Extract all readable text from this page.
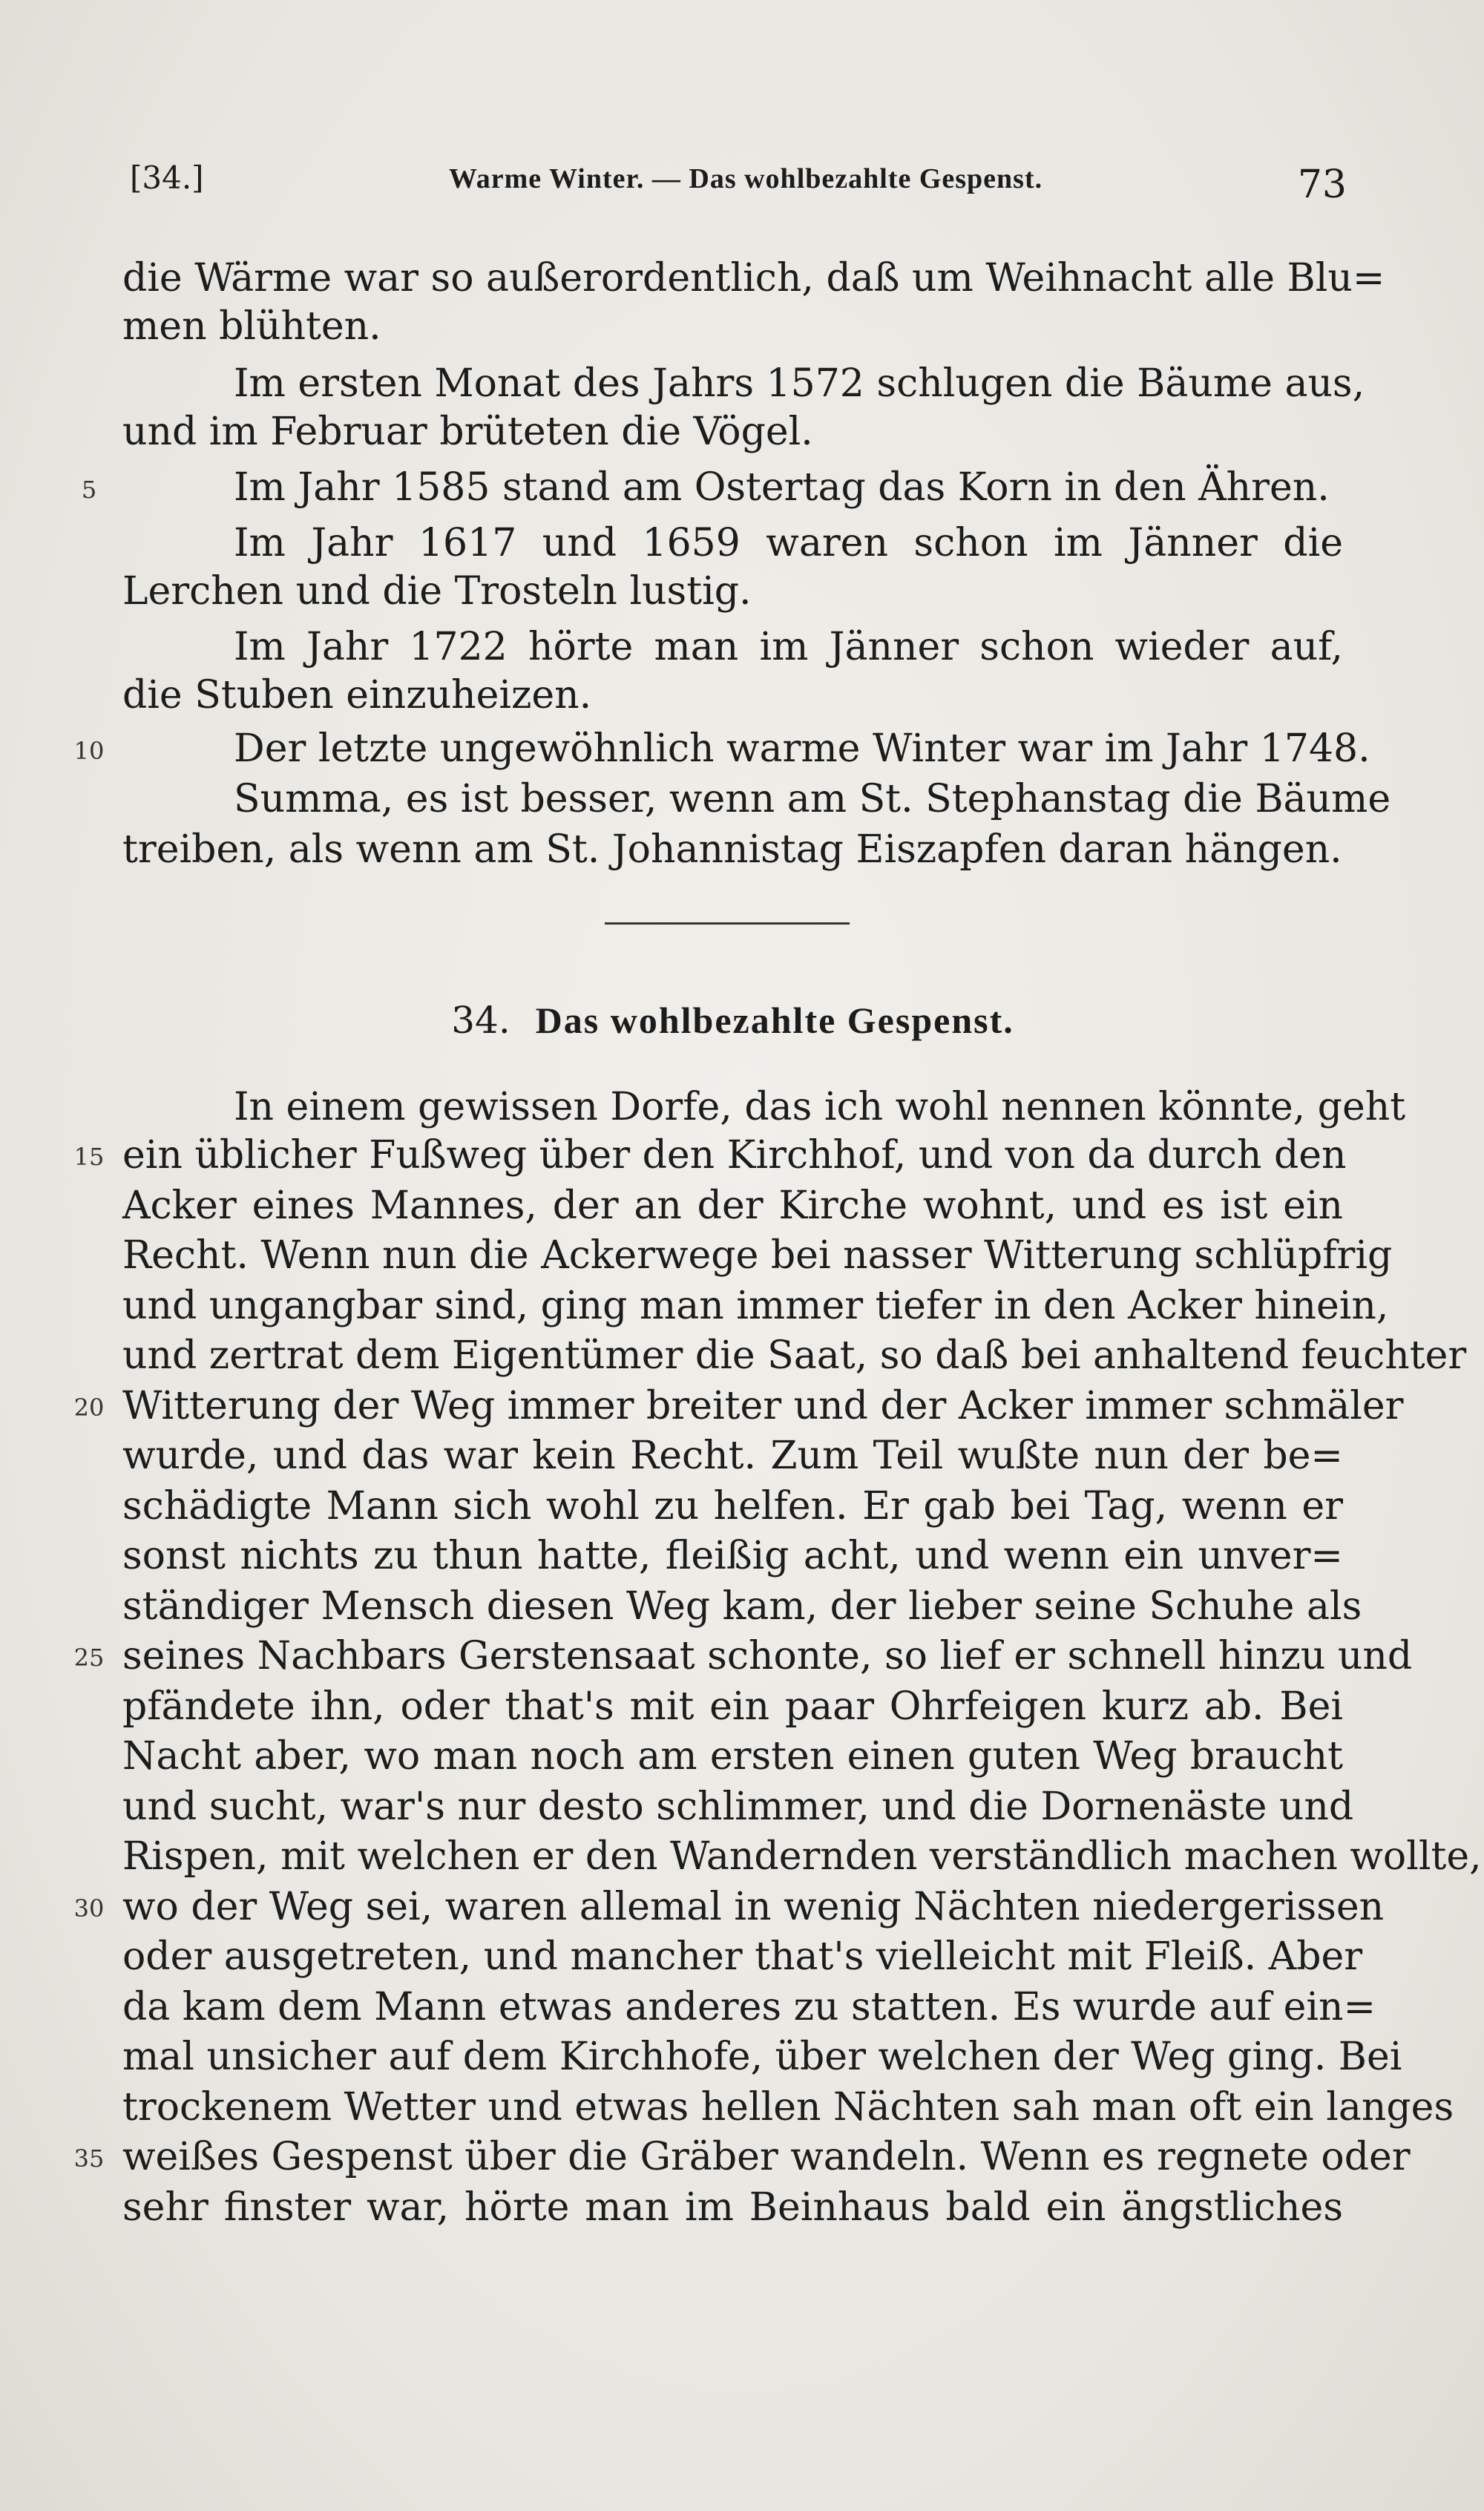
[34.]	Warme Winter. — Das wohlbezahlte Gespenst.	73
die Wärme war so außerordentlich, daß um Weihnacht alle Blu=
men blühten.
Im ersten Monat des Jahrs 1572 schlugen die Bäume aus,
und im Februar brüteten die Vögel.
5	Im Jahr 1585 stand am Ostertag das Korn in den Ähren.
Im Jahr 1617 und 1659 waren schon im Jänner die
Lerchen und die Trosteln lustig.
Im Jahr 1722 hörte man im Jänner schon wieder auf,
die Stuben einzuheizen.
10	Der letzte ungewöhnlich warme Winter war im Jahr 1748.
Summa, es ist besser, wenn am St. Stephanstag die Bäume
treiben, als wenn am St. Johannistag Eiszapfen daran hängen.
34. Das wohlbezahlte Gespenst.
In einem gewissen Dorfe, das ich wohl nennen könnte, geht
15 ein üblicher Fußweg über den Kirchhof, und von da durch den
Acker eines Mannes, der an der Kirche wohnt, und es ist ein
Recht. Wenn nun die Ackerwege bei nasser Witterung schlüpfrig
und ungangbar sind, ging man immer tiefer in den Acker hinein,
und zertrat dem Eigentümer die Saat, so daß bei anhaltend feuchter
20 Witterung der Weg immer breiter und der Acker immer schmäler
wurde, und das war kein Recht. Zum Teil wußte nun der be=
schädigte Mann sich wohl zu helfen. Er gab bei Tag, wenn er
sonst nichts zu thun hatte, fleißig acht, und wenn ein unver=
ständiger Mensch diesen Weg kam, der lieber seine Schuhe als
25 seines Nachbars Gerstensaat schonte, so lief er schnell hinzu und
pfändete ihn, oder that's mit ein paar Ohrfeigen kurz ab. Bei
Nacht aber, wo man noch am ersten einen guten Weg braucht
und sucht, war's nur desto schlimmer, und die Dornenäste und
Rispen, mit welchen er den Wandernden verständlich machen wollte,
30 wo der Weg sei, waren allemal in wenig Nächten niedergerissen
oder ausgetreten, und mancher that's vielleicht mit Fleiß. Aber
da kam dem Mann etwas anderes zu statten. Es wurde auf ein=
mal unsicher auf dem Kirchhofe, über welchen der Weg ging. Bei
trockenem Wetter und etwas hellen Nächten sah man oft ein langes
35 weißes Gespenst über die Gräber wandeln. Wenn es regnete oder
sehr finster war, hörte man im Beinhaus bald ein ängstliches
